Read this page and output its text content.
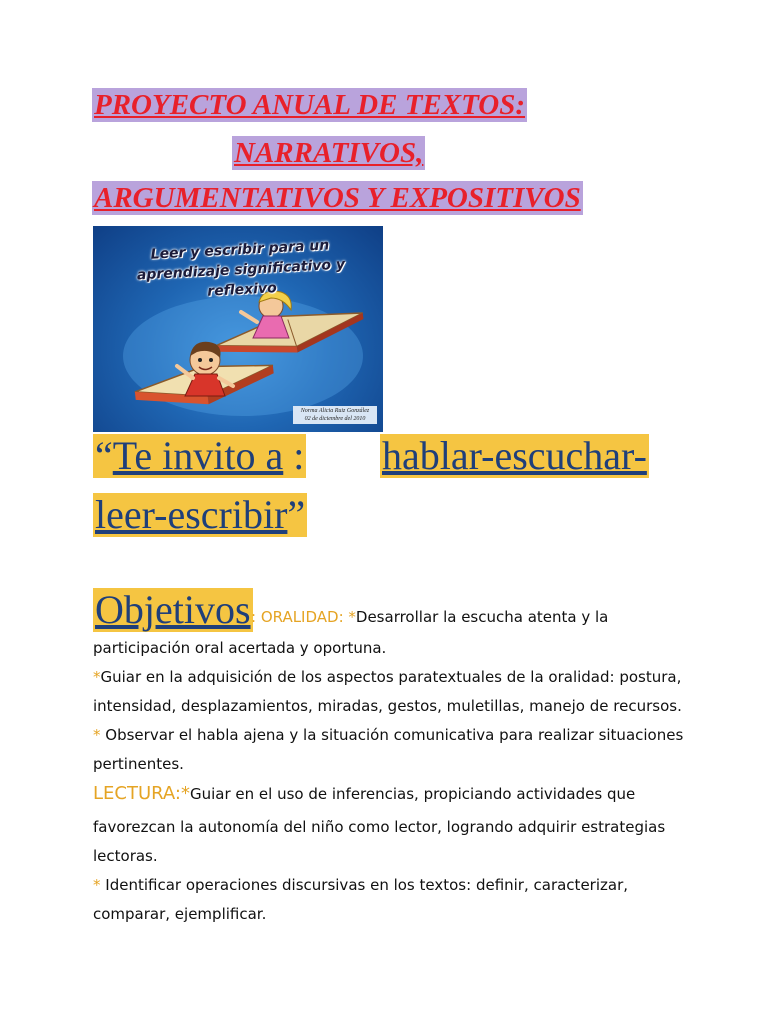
PROYECTO ANUAL DE TEXTOS:
NARRATIVOS,
ARGUMENTATIVOS Y EXPOSITIVOS
Leer y escribir para un aprendizaje significativo y reflexivo
Norma Alicia Ruiz González
02 de diciembre del 2010
“Te invito a : hablar-escuchar-
leer-escribir”
Objetivos : ORALIDAD: *Desarrollar la escucha atenta y la
participación oral acertada y oportuna.
*Guiar en la adquisición de los aspectos paratextuales de la oralidad: postura,
intensidad, desplazamientos, miradas, gestos, muletillas, manejo de recursos.
* Observar el habla ajena y la situación comunicativa para realizar situaciones
pertinentes.
LECTURA:*Guiar en el uso de inferencias, propiciando actividades que
favorezcan la autonomía del niño como lector, logrando adquirir estrategias
lectoras.
* Identificar operaciones discursivas en los textos: definir, caracterizar,
comparar, ejemplificar.
